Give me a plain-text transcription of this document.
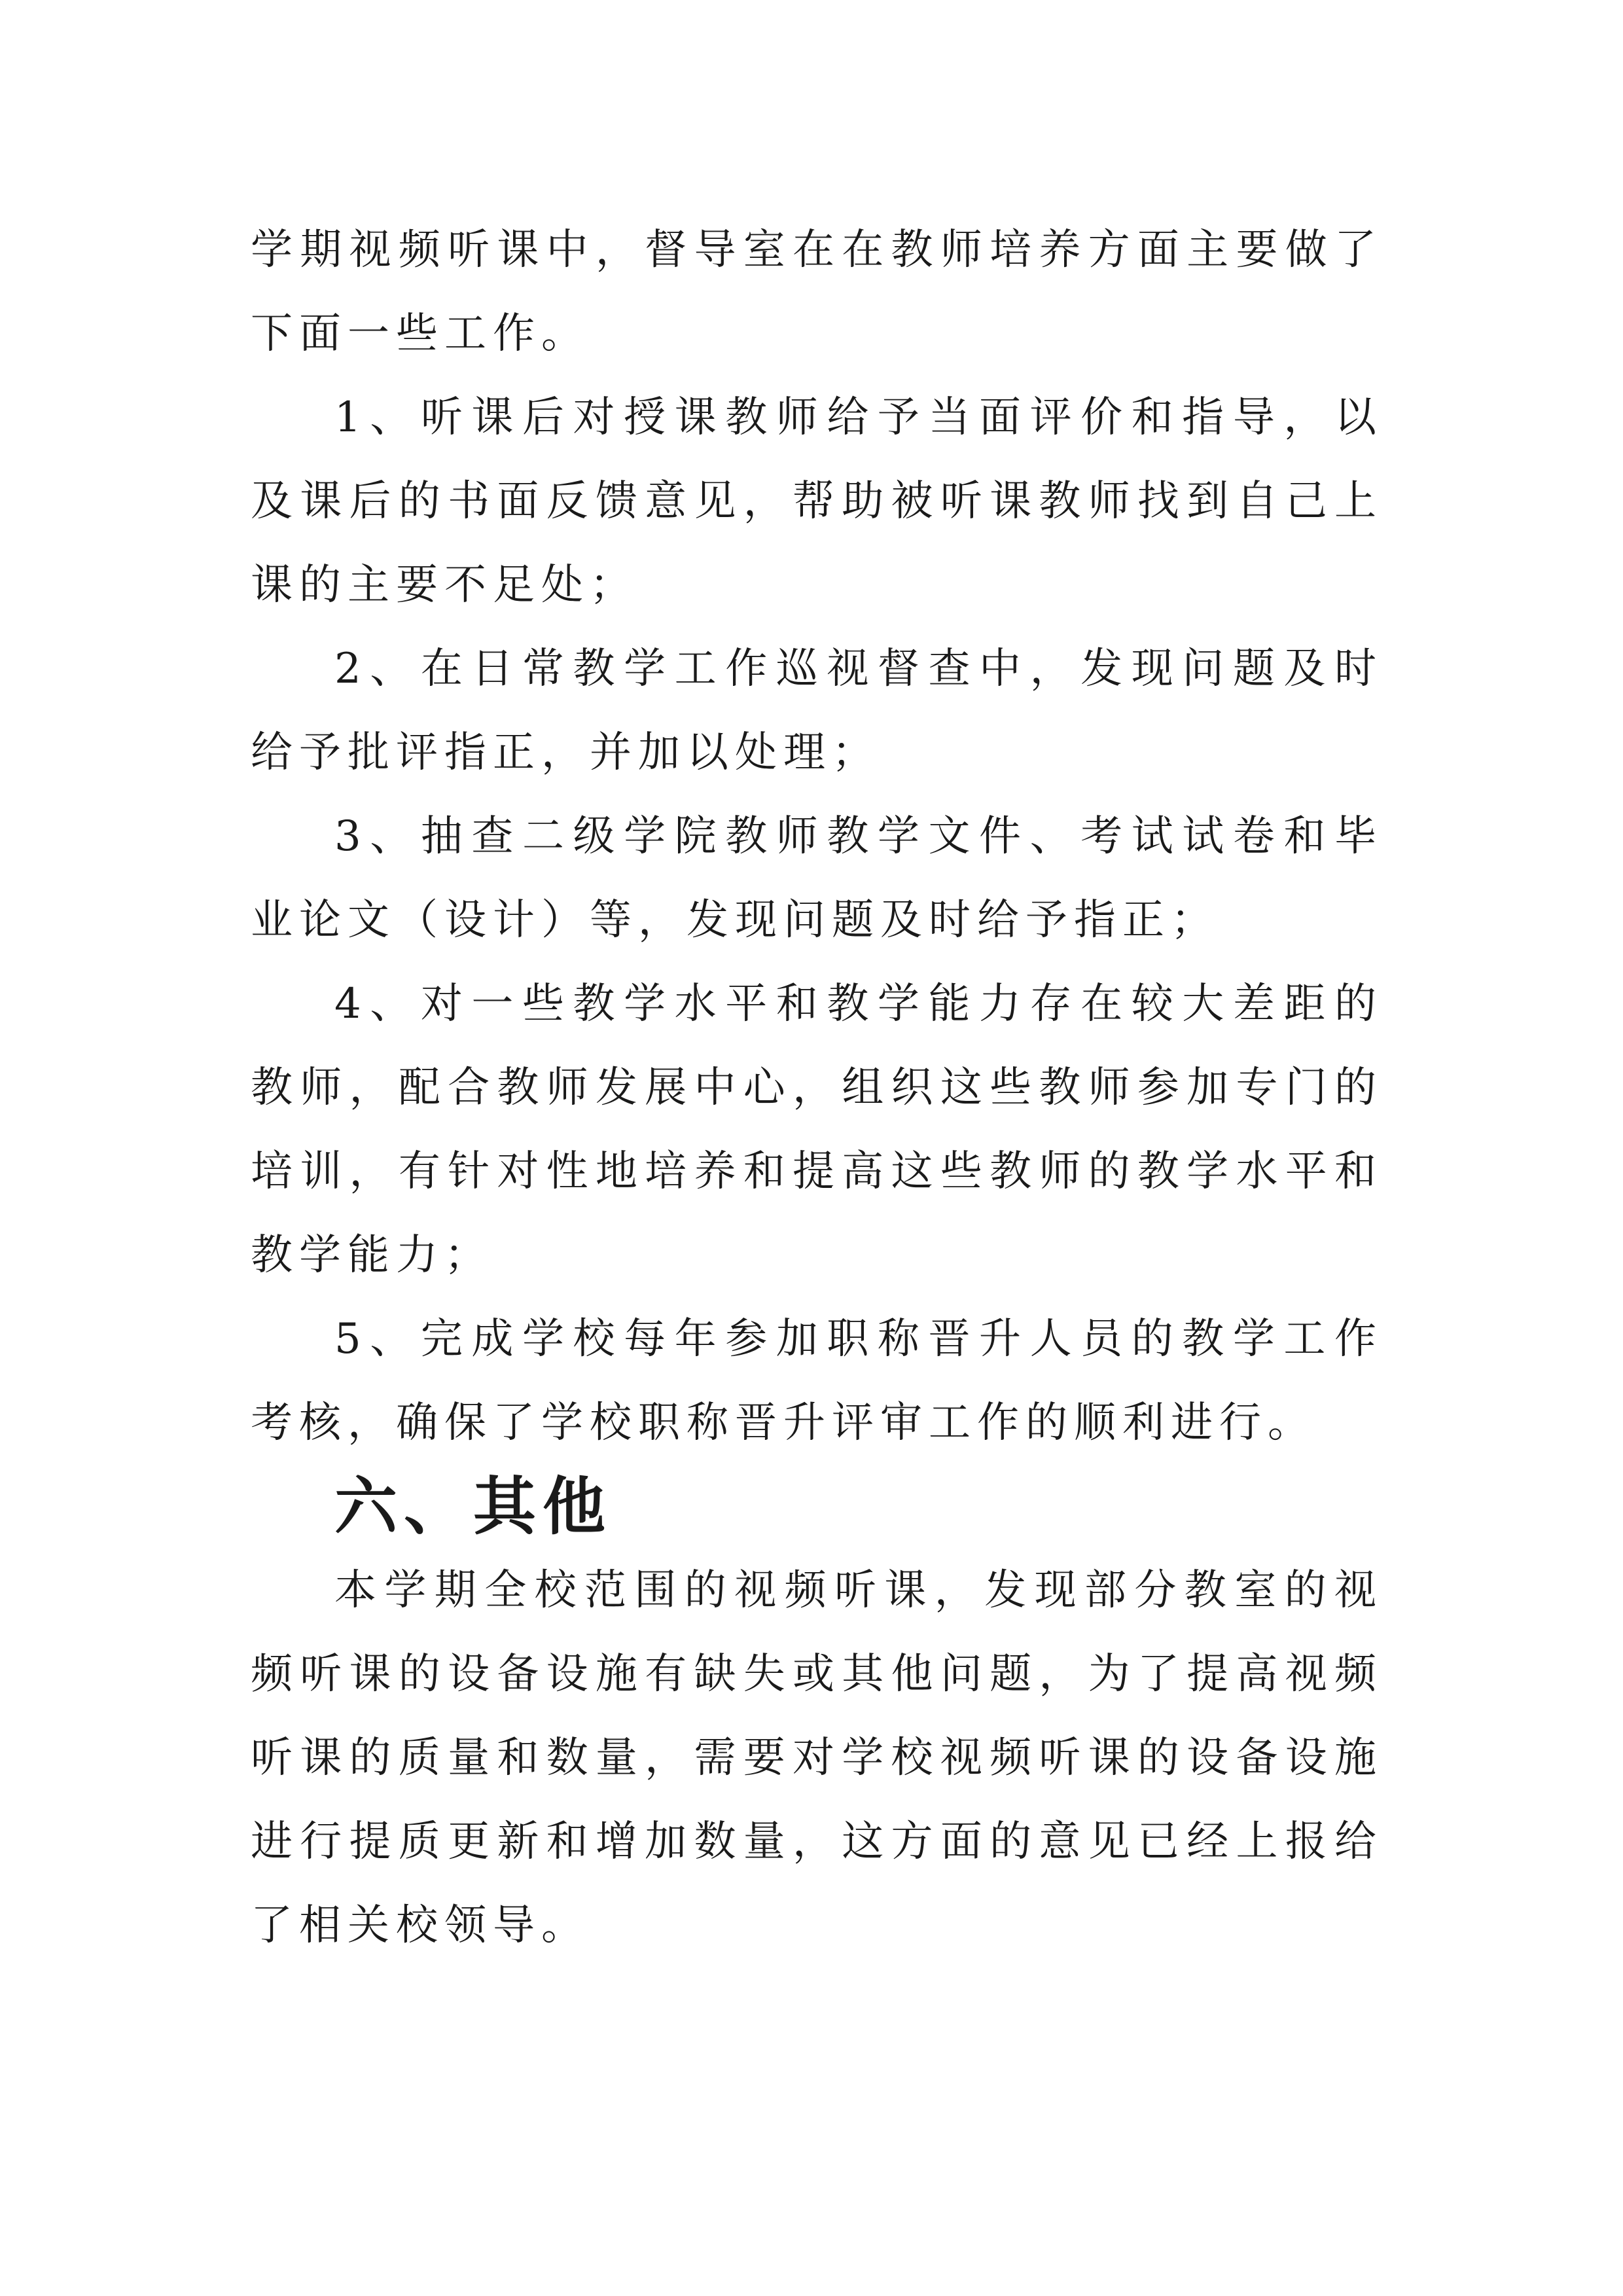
学期视频听课中，督导室在在教师培养方面主要做了下面一些工作。

1、听课后对授课教师给予当面评价和指导，以及课后的书面反馈意见，帮助被听课教师找到自己上课的主要不足处；

2、在日常教学工作巡视督查中，发现问题及时给予批评指正，并加以处理；

3、抽查二级学院教师教学文件、考试试卷和毕业论文（设计）等，发现问题及时给予指正；

4、对一些教学水平和教学能力存在较大差距的教师，配合教师发展中心，组织这些教师参加专门的培训，有针对性地培养和提高这些教师的教学水平和教学能力；

5、完成学校每年参加职称晋升人员的教学工作考核，确保了学校职称晋升评审工作的顺利进行。

六、其他

本学期全校范围的视频听课，发现部分教室的视频听课的设备设施有缺失或其他问题，为了提高视频听课的质量和数量，需要对学校视频听课的设备设施进行提质更新和增加数量，这方面的意见已经上报给了相关校领导。
